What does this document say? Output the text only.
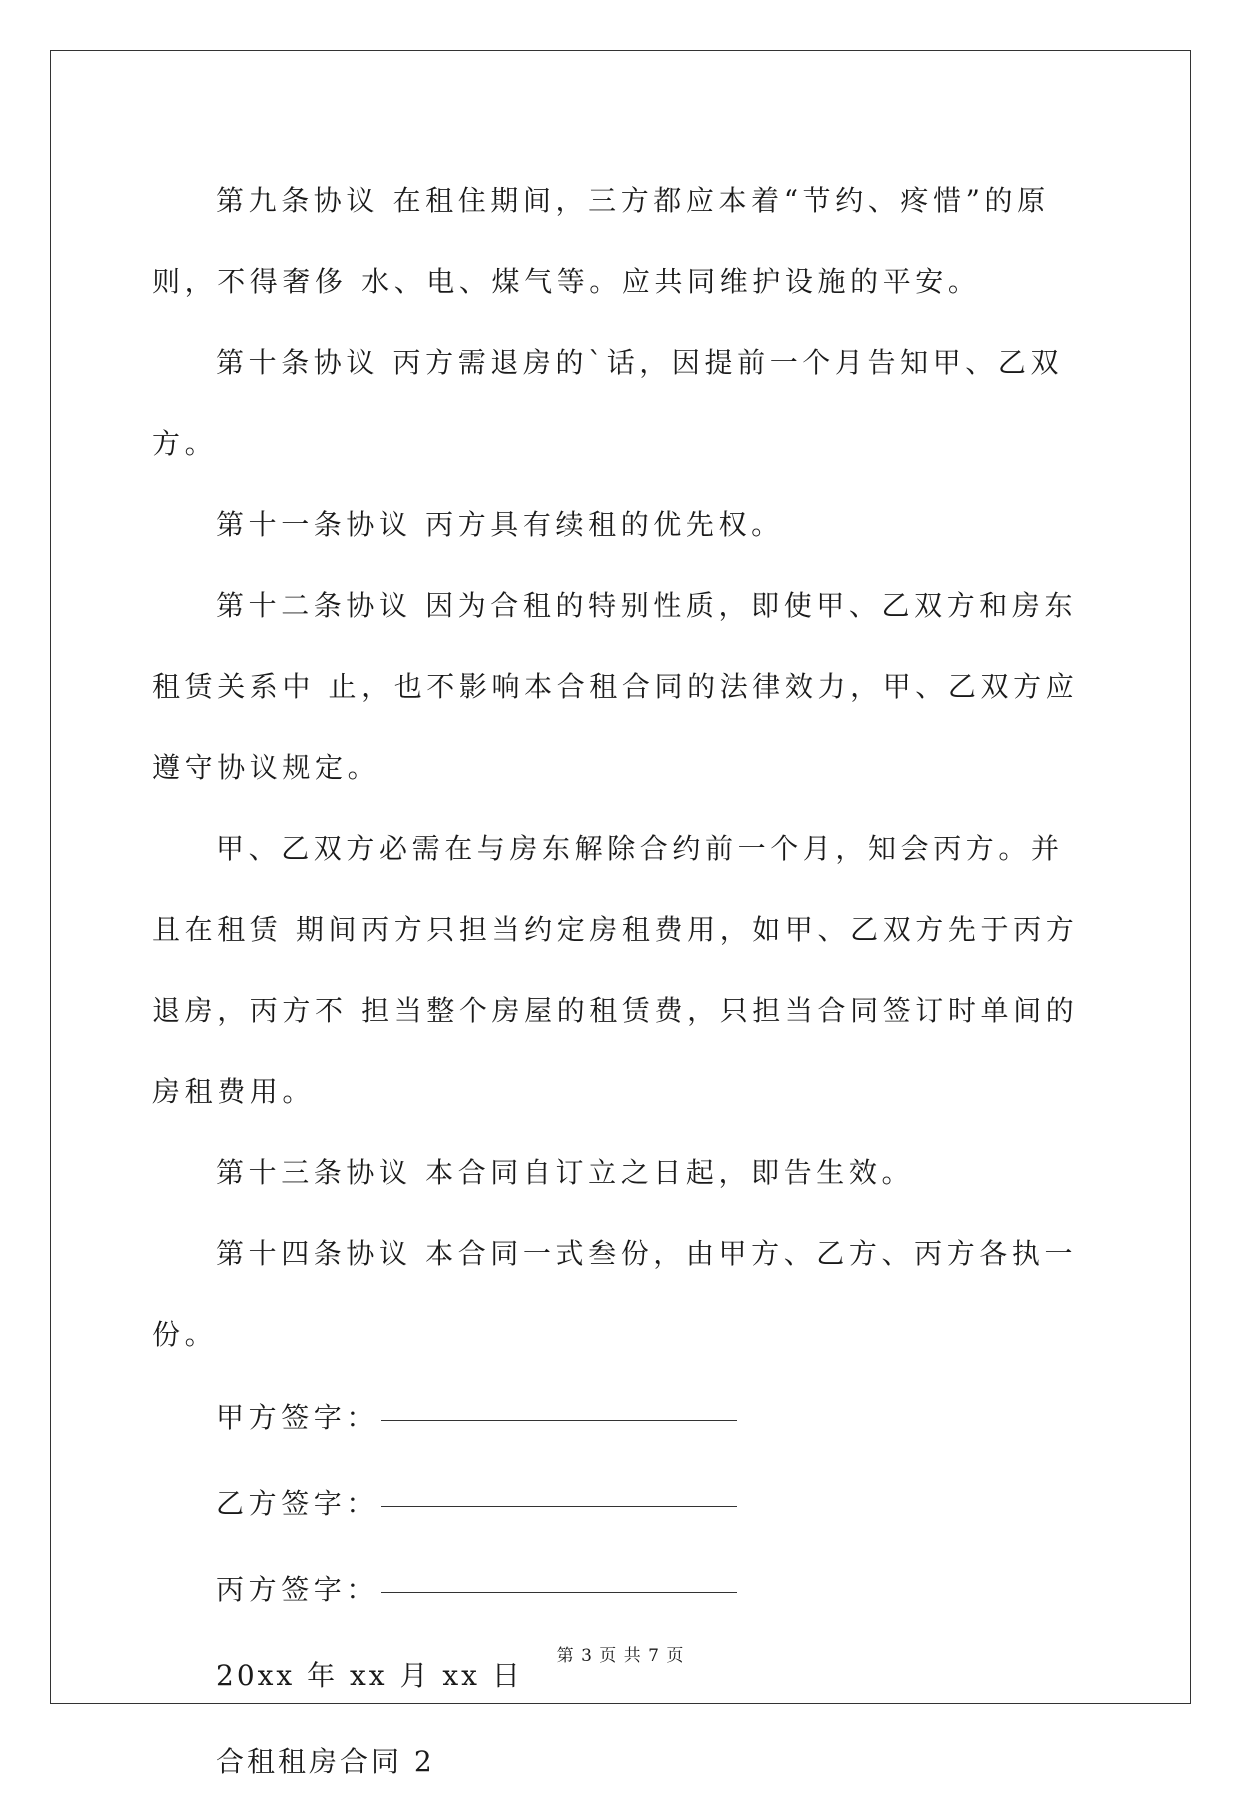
第九条协议 在租住期间，三方都应本着“节约、疼惜”的原则，不得奢侈 水、电、煤气等。应共同维护设施的平安。

第十条协议 丙方需退房的`话，因提前一个月告知甲、乙双方。

第十一条协议 丙方具有续租的优先权。

第十二条协议 因为合租的特别性质，即使甲、乙双方和房东租赁关系中 止，也不影响本合租合同的法律效力，甲、乙双方应遵守协议规定。

甲、乙双方必需在与房东解除合约前一个月，知会丙方。并且在租赁 期间丙方只担当约定房租费用，如甲、乙双方先于丙方退房，丙方不 担当整个房屋的租赁费，只担当合同签订时单间的房租费用。

第十三条协议 本合同自订立之日起，即告生效。

第十四条协议 本合同一式叁份，由甲方、乙方、丙方各执一份。

甲方签字：

乙方签字：

丙方签字：

20xx 年 xx 月 xx 日

合租租房合同 2

第 3 页 共 7 页
